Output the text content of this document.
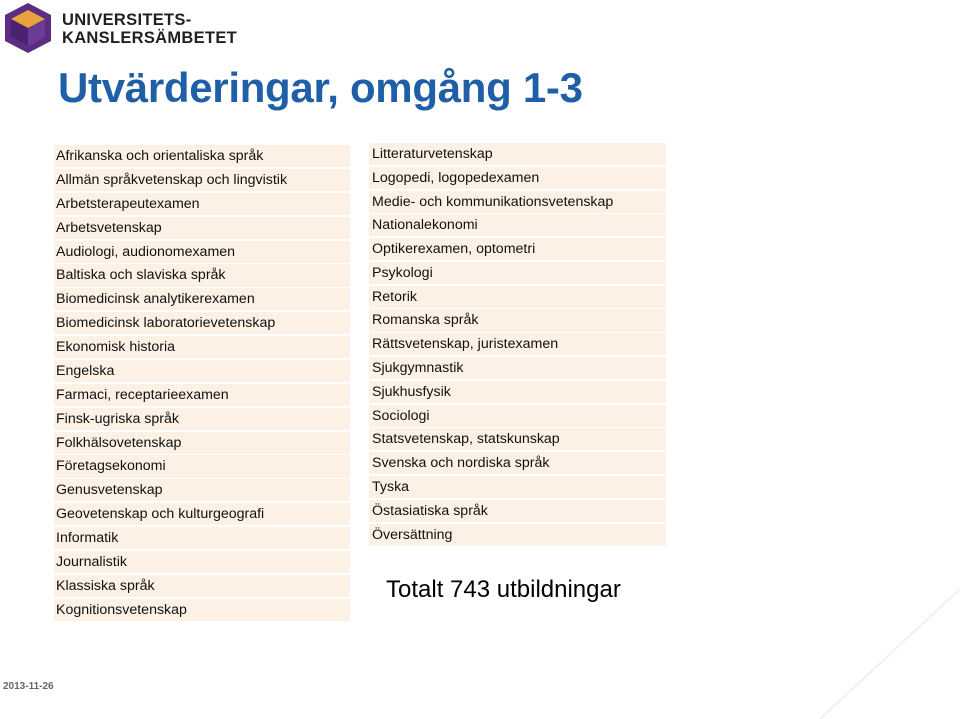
UNIVERSITETS-
KANSLERSÄMBETET
Utvärderingar, omgång 1-3
Afrikanska och orientaliska språk
Allmän språkvetenskap och lingvistik
Arbetsterapeutexamen
Arbetsvetenskap
Audiologi, audionomexamen
Baltiska och slaviska språk
Biomedicinsk analytikerexamen
Biomedicinsk laboratorievetenskap
Ekonomisk historia
Engelska
Farmaci, receptarieexamen
Finsk-ugriska språk
Folkhälsovetenskap
Företagsekonomi
Genusvetenskap
Geovetenskap och kulturgeografi
Informatik
Journalistik
Klassiska språk
Kognitionsvetenskap
Litteraturvetenskap
Logopedi, logopedexamen
Medie- och kommunikationsvetenskap
Nationalekonomi
Optikerexamen, optometri
Psykologi
Retorik
Romanska språk
Rättsvetenskap, juristexamen
Sjukgymnastik
Sjukhusfysik
Sociologi
Statsvetenskap, statskunskap
Svenska och nordiska språk
Tyska
Östasiatiska språk
Översättning
Totalt 743 utbildningar
2013-11-26
